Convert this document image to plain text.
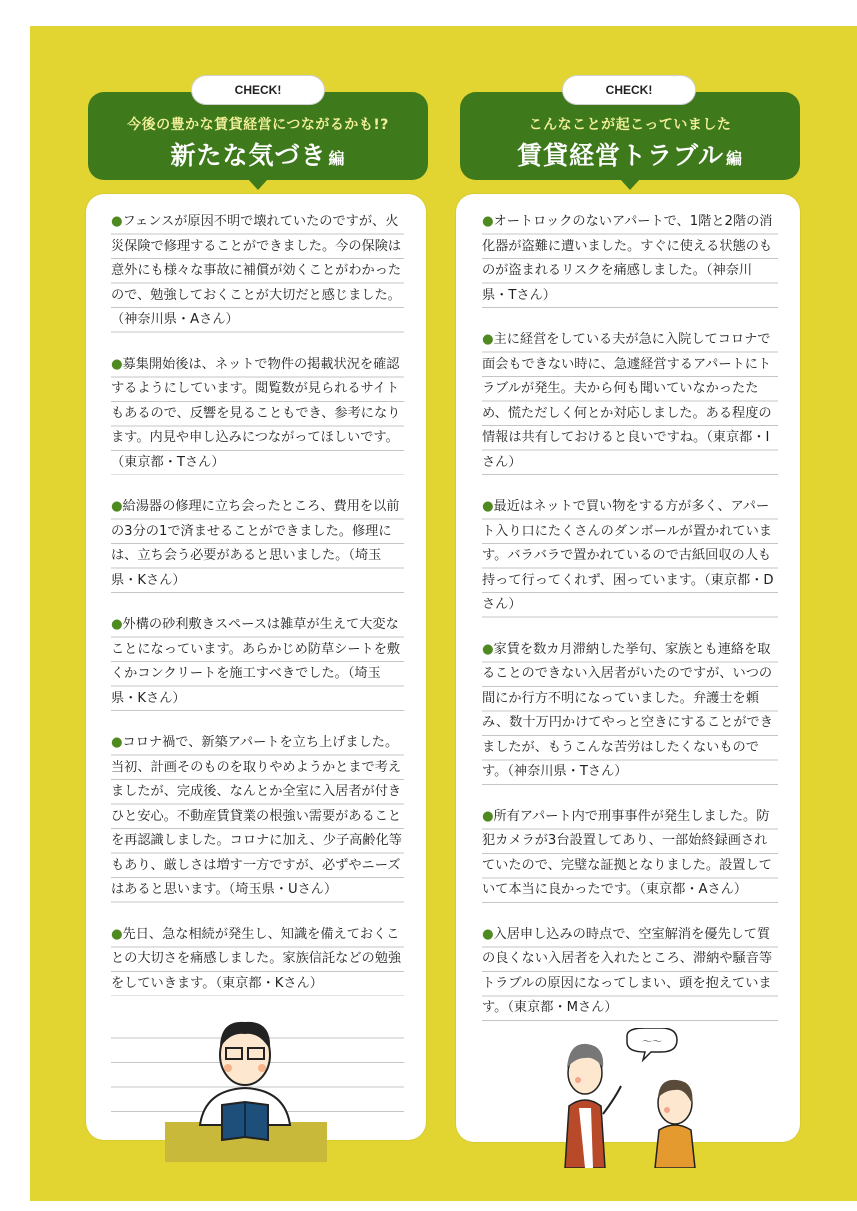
CHECK!
今後の豊かな賃貸経営につながるかも!?
新たな気づき 編
●フェンスが原因不明で壊れていたのですが、火災保険で修理することができました。今の保険は意外にも様々な事故に補償が効くことがわかったので、勉強しておくことが大切だと感じました。（神奈川県・Aさん）
●募集開始後は、ネットで物件の掲載状況を確認するようにしています。閲覧数が見られるサイトもあるので、反響を見ることもでき、参考になります。内見や申し込みにつながってほしいです。（東京都・Tさん）
●給湯器の修理に立ち会ったところ、費用を以前の3分の1で済ませることができました。修理には、立ち会う必要があると思いました。（埼玉県・Kさん）
●外構の砂利敷きスペースは雑草が生えて大変なことになっています。あらかじめ防草シートを敷くかコンクリートを施工すべきでした。（埼玉県・Kさん）
●コロナ禍で、新築アパートを立ち上げました。当初、計画そのものを取りやめようかとまで考えましたが、完成後、なんとか全室に入居者が付きひと安心。不動産賃貸業の根強い需要があることを再認識しました。コロナに加え、少子高齢化等もあり、厳しさは増す一方ですが、必ずやニーズはあると思います。（埼玉県・Uさん）
●先日、急な相続が発生し、知識を備えておくことの大切さを痛感しました。家族信託などの勉強をしていきます。（東京都・Kさん）
CHECK!
こんなことが起こっていました
賃貸経営トラブル 編
●オートロックのないアパートで、1階と2階の消化器が盗難に遭いました。すぐに使える状態のものが盗まれるリスクを痛感しました。（神奈川県・Tさん）
●主に経営をしている夫が急に入院してコロナで面会もできない時に、急遽経営するアパートにトラブルが発生。夫から何も聞いていなかったため、慌ただしく何とか対応しました。ある程度の情報は共有しておけると良いですね。（東京都・Iさん）
●最近はネットで買い物をする方が多く、アパート入り口にたくさんのダンボールが置かれています。バラバラで置かれているので古紙回収の人も持って行ってくれず、困っています。（東京都・Dさん）
●家賃を数カ月滞納した挙句、家族とも連絡を取ることのできない入居者がいたのですが、いつの間にか行方不明になっていました。弁護士を頼み、数十万円かけてやっと空きにすることができましたが、もうこんな苦労はしたくないものです。（神奈川県・Tさん）
●所有アパート内で刑事事件が発生しました。防犯カメラが3台設置してあり、一部始終録画されていたので、完璧な証拠となりました。設置していて本当に良かったです。（東京都・Aさん）
●入居申し込みの時点で、空室解消を優先して質の良くない入居者を入れたところ、滞納や騒音等トラブルの原因になってしまい、頭を抱えています。（東京都・Mさん）
〜〜
